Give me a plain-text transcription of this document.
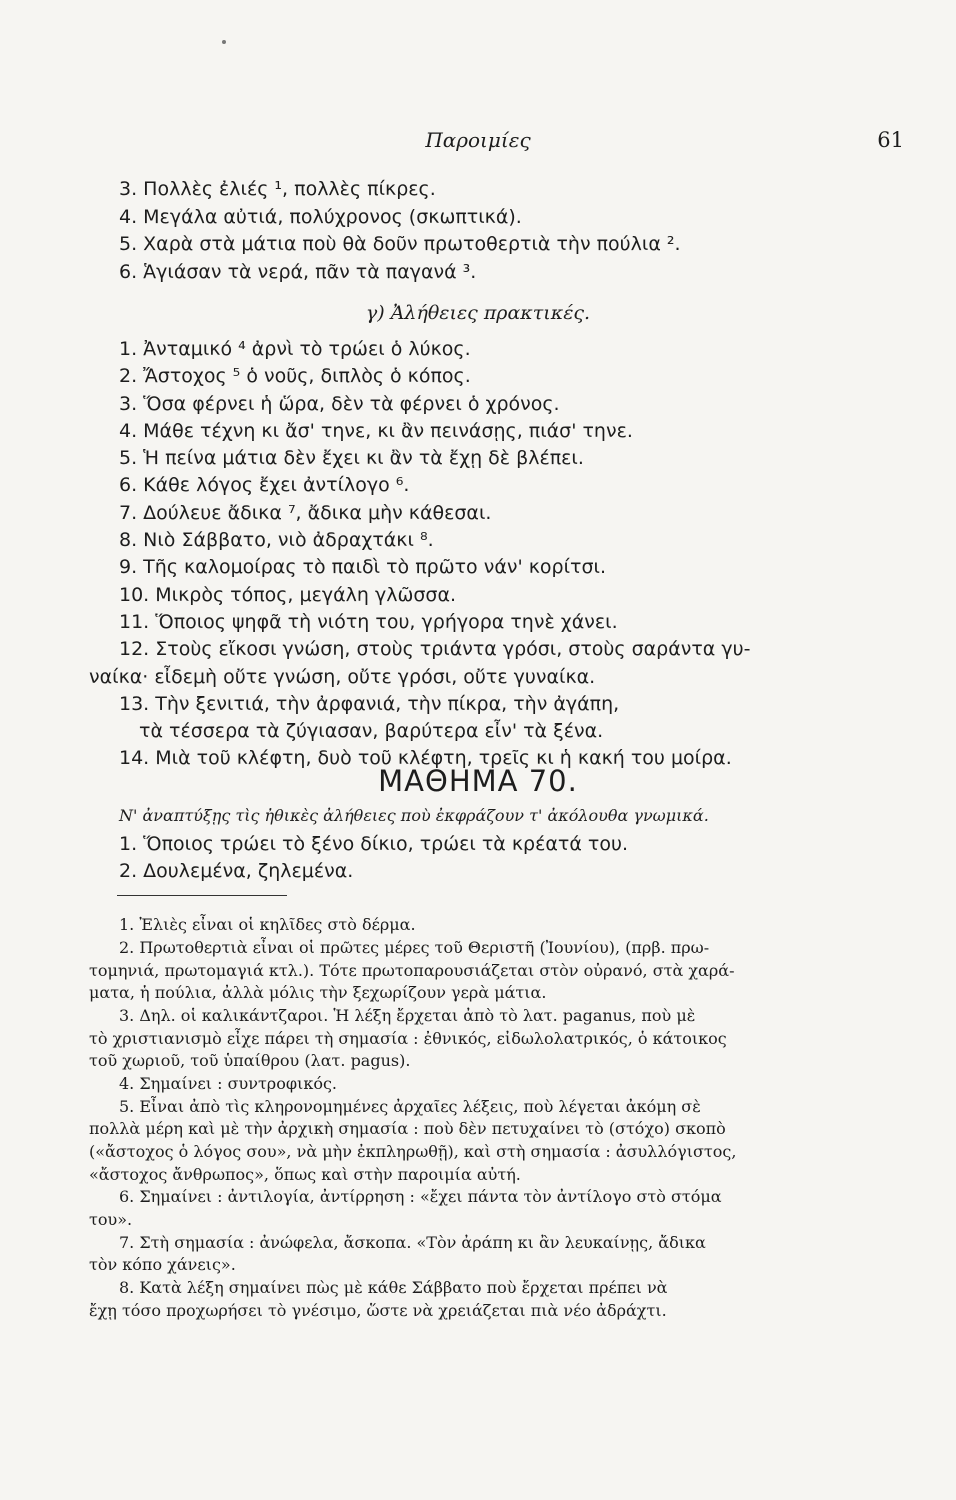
Παροιμίες	61
3. Πολλὲς ἐλιές ¹, πολλὲς πίκρες.
4. Μεγάλα αὐτιά, πολύχρονος (σκωπτικά).
5. Χαρὰ στὰ μάτια ποὺ θὰ δοῦν πρωτοθερτιὰ τὴν πούλια ².
6. Ἁγιάσαν τὰ νερά, πᾶν τὰ παγανά ³.
γ) Ἀλήθειες πρακτικές.
1. Ἀνταμικό ⁴ ἀρνὶ τὸ τρώει ὁ λύκος.
2. Ἄστοχος ⁵ ὁ νοῦς, διπλὸς ὁ κόπος.
3. Ὅσα φέρνει ἡ ὥρα, δὲν τὰ φέρνει ὁ χρόνος.
4. Μάθε τέχνη κι ἄσ' τηνε, κι ἂν πεινάσῃς, πιάσ' τηνε.
5. Ἡ πείνα μάτια δὲν ἔχει κι ἂν τὰ ἔχῃ δὲ βλέπει.
6. Κάθε λόγος ἔχει ἀντίλογο ⁶.
7. Δούλευε ἄδικα ⁷, ἄδικα μὴν κάθεσαι.
8. Νιὸ Σάββατο, νιὸ ἀδραχτάκι ⁸.
9. Τῆς καλομοίρας τὸ παιδὶ τὸ πρῶτο νάν' κορίτσι.
10. Μικρὸς τόπος, μεγάλη γλῶσσα.
11. Ὅποιος ψηφᾶ τὴ νιότη του, γρήγορα τηνὲ χάνει.
12. Στοὺς εἴκοσι γνώση, στοὺς τριάντα γρόσι, στοὺς σαράντα γυ-
ναίκα· εἶδεμὴ οὔτε γνώση, οὔτε γρόσι, οὔτε γυναίκα.
13. Τὴν ξενιτιά, τὴν ἀρφανιά, τὴν πίκρα, τὴν ἀγάπη,
τὰ τέσσερα τὰ ζύγιασαν, βαρύτερα εἶν' τὰ ξένα.
14. Μιὰ τοῦ κλέφτη, δυὸ τοῦ κλέφτη, τρεῖς κι ἡ κακή του μοίρα.
ΜΑΘΗΜΑ 70.
Ν' ἀναπτύξῃς τὶς ἠθικὲς ἀλήθειες ποὺ ἐκφράζουν τ' ἀκόλουθα γνωμικά.
1. Ὅποιος τρώει τὸ ξένο δίκιο, τρώει τὰ κρέατά του.
2. Δουλεμένα, ζηλεμένα.
1. Ἐλιὲς εἶναι οἱ κηλῖδες στὸ δέρμα.
2. Πρωτοθερτιὰ εἶναι οἱ πρῶτες μέρες τοῦ Θεριστῆ (Ἰουνίου), (πρβ. πρω-
τομηνιά, πρωτομαγιά κτλ.). Τότε πρωτοπαρουσιάζεται στὸν οὐρανό, στὰ χαρά-
ματα, ἡ πούλια, ἀλλὰ μόλις τὴν ξεχωρίζουν γερὰ μάτια.
3. Δηλ. οἱ καλικάντζαροι. Ἡ λέξη ἔρχεται ἀπὸ τὸ λατ. paganus, ποὺ μὲ
τὸ χριστιανισμὸ εἶχε πάρει τὴ σημασία : ἐθνικός, εἰδωλολατρικός, ὁ κάτοικος
τοῦ χωριοῦ, τοῦ ὑπαίθρου (λατ. pagus).
4. Σημαίνει : συντροφικός.
5. Εἶναι ἀπὸ τὶς κληρονομημένες ἀρχαῖες λέξεις, ποὺ λέγεται ἀκόμη σὲ
πολλὰ μέρη καὶ μὲ τὴν ἀρχικὴ σημασία : ποὺ δὲν πετυχαίνει τὸ (στόχο) σκοπὸ
(«ἄστοχος ὁ λόγος σου», νὰ μὴν ἐκπληρωθῇ), καὶ στὴ σημασία : ἀσυλλόγιστος,
«ἄστοχος ἄνθρωπος», ὅπως καὶ στὴν παροιμία αὐτή.
6. Σημαίνει : ἀντιλογία, ἀντίρρηση : «ἔχει πάντα τὸν ἀντίλογο στὸ στόμα
του».
7. Στὴ σημασία : ἀνώφελα, ἄσκοπα. «Τὸν ἀράπη κι ἂν λευκαίνῃς, ἄδικα
τὸν κόπο χάνεις».
8. Κατὰ λέξη σημαίνει πὼς μὲ κάθε Σάββατο ποὺ ἔρχεται πρέπει νὰ
ἔχῃ τόσο προχωρήσει τὸ γνέσιμο, ὥστε νὰ χρειάζεται πιὰ νέο ἀδράχτι.
